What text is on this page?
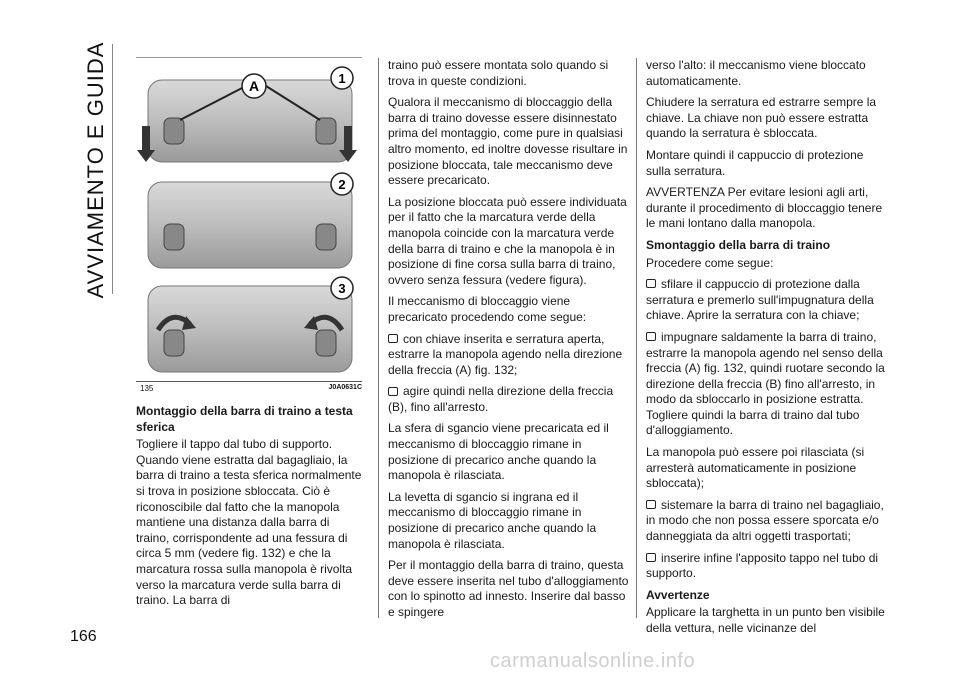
AVVIAMENTO E GUIDA
166
A	1
2
3
135	J0A0631C
Montaggio della barra di traino a testa sferica

Togliere il tappo dal tubo di supporto. Quando viene estratta dal bagagliaio, la barra di traino a testa sferica normalmente si trova in posizione sbloccata. Ciò è riconoscibile dal fatto che la manopola mantiene una distanza dalla barra di traino, corrispondente ad una fessura di circa 5 mm (vedere fig. 132) e che la marcatura rossa sulla manopola è rivolta verso la marcatura verde sulla barra di traino. La barra di

traino può essere montata solo quando si trova in queste condizioni.

Qualora il meccanismo di bloccaggio della barra di traino dovesse essere disinnestato prima del montaggio, come pure in qualsiasi altro momento, ed inoltre dovesse risultare in posizione bloccata, tale meccanismo deve essere precaricato.

La posizione bloccata può essere individuata per il fatto che la marcatura verde della manopola coincide con la marcatura verde della barra di traino e che la manopola è in posizione di fine corsa sulla barra di traino, ovvero senza fessura (vedere figura).

Il meccanismo di bloccaggio viene precaricato procedendo come segue:

con chiave inserita e serratura aperta, estrarre la manopola agendo nella direzione della freccia (A) fig. 132;

agire quindi nella direzione della freccia (B), fino all'arresto.

La sfera di sgancio viene precaricata ed il meccanismo di bloccaggio rimane in posizione di precarico anche quando la manopola è rilasciata.

La levetta di sgancio si ingrana ed il meccanismo di bloccaggio rimane in posizione di precarico anche quando la manopola è rilasciata.

Per il montaggio della barra di traino, questa deve essere inserita nel tubo d'alloggiamento con lo spinotto ad innesto. Inserire dal basso e spingere

verso l'alto: il meccanismo viene bloccato automaticamente.

Chiudere la serratura ed estrarre sempre la chiave. La chiave non può essere estratta quando la serratura è sbloccata.

Montare quindi il cappuccio di protezione sulla serratura.

AVVERTENZA Per evitare lesioni agli arti, durante il procedimento di bloccaggio tenere le mani lontano dalla manopola.

Smontaggio della barra di traino

Procedere come segue:

sfilare il cappuccio di protezione dalla serratura e premerlo sull'impugnatura della chiave. Aprire la serratura con la chiave;

impugnare saldamente la barra di traino, estrarre la manopola agendo nel senso della freccia (A) fig. 132, quindi ruotare secondo la direzione della freccia (B) fino all'arresto, in modo da sbloccarlo in posizione estratta. Togliere quindi la barra di traino dal tubo d'alloggiamento.

La manopola può essere poi rilasciata (si arresterà automaticamente in posizione sbloccata);

sistemare la barra di traino nel bagagliaio, in modo che non possa essere sporcata e/o danneggiata da altri oggetti trasportati;

inserire infine l'apposito tappo nel tubo di supporto.

Avvertenze

Applicare la targhetta in un punto ben visibile della vettura, nelle vicinanze del

carmanualsonline.info
